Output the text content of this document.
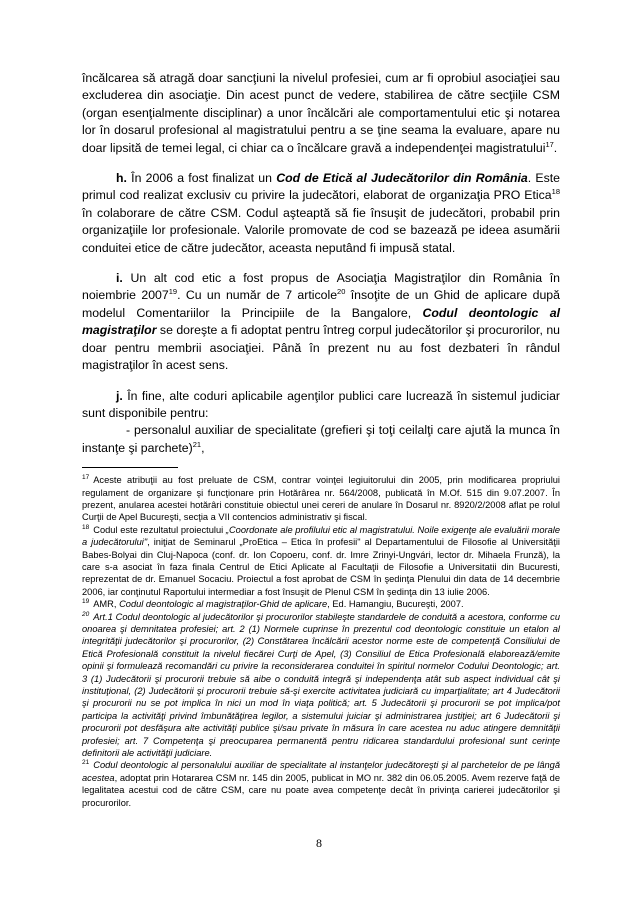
încălcarea să atragă doar sancţiuni la nivelul profesiei, cum ar fi oprobiul asociaţiei sau excluderea din asociaţie. Din acest punct de vedere, stabilirea de către secţiile CSM (organ esenţialmente disciplinar) a unor încălcări ale comportamentului etic şi notarea lor în dosarul profesional al magistratului pentru a se ţine seama la evaluare, apare nu doar lipsită de temei legal, ci chiar ca o încălcare gravă a independenţei magistratului$^{17}$.

h. În 2006 a fost finalizat un Cod de Etică al Judecătorilor din România. Este primul cod realizat exclusiv cu privire la judecători, elaborat de organizaţia PRO Etica$^{18}$ în colaborare de către CSM. Codul aşteaptă să fie însuşit de judecători, probabil prin organizaţiile lor profesionale. Valorile promovate de cod se bazează pe ideea asumării conduitei etice de către judecător, aceasta neputând fi impusă statal.

i. Un alt cod etic a fost propus de Asociaţia Magistraţilor din România în noiembrie 2007$^{19}$. Cu un număr de 7 articole$^{20}$ însoţite de un Ghid de aplicare după modelul Comentariilor la Principiile de la Bangalore, Codul deontologic al magistraţilor se doreşte a fi adoptat pentru întreg corpul judecătorilor şi procurorilor, nu doar pentru membrii asociaţiei. Până în prezent nu au fost dezbateri în rândul magistraţilor în acest sens.

j. În fine, alte coduri aplicabile agenţilor publici care lucrează în sistemul judiciar sunt disponibile pentru:

- personalul auxiliar de specialitate (grefieri şi toţi ceilalţi care ajută la munca în instanţe şi parchete)$^{21}$,

$^{17}$ Aceste atribuţii au fost preluate de CSM, contrar voinţei legiuitorului din 2005, prin modificarea propriului regulament de organizare şi funcţionare prin Hotărârea nr. 564/2008, publicată în M.Of. 515 din 9.07.2007. În prezent, anularea acestei hotărâri constituie obiectul unei cereri de anulare în Dosarul nr. 8920/2/2008 aflat pe rolul Curţii de Apel Bucureşti, secţia a VII contencios administrativ şi fiscal.

$^{18}$ Codul este rezultatul proiectului „Coordonate ale profilului etic al magistratului. Noile exigenţe ale evaluării morale a judecătorului", iniţiat de Seminarul „ProEtica – Etica în profesii" al Departamentului de Filosofie al Universităţii Babes-Bolyai din Cluj-Napoca (conf. dr. Ion Copoeru, conf. dr. Imre Zrinyi-Ungvári, lector dr. Mihaela Frunză), la care s-a asociat în faza finala Centrul de Etici Aplicate al Facultaţii de Filosofie a Universitatii din Bucuresti, reprezentat de dr. Emanuel Socaciu. Proiectul a fost aprobat de CSM în şedinţa Plenului din data de 14 decembrie 2006, iar conţinutul Raportului intermediar a fost însuşit de Plenul CSM în şedinţa din 13 iulie 2006.

$^{19}$ AMR, Codul deontologic al magistraţilor-Ghid de aplicare, Ed. Hamangiu, Bucureşti, 2007.

$^{20}$ Art.1 Codul deontologic al judecătorilor şi procurorilor stabileşte standardele de conduită a acestora, conforme cu onoarea şi demnitatea profesiei; art. 2 (1) Normele cuprinse în prezentul cod deontologic constituie un etalon al integrităţii judecătorilor şi procurorilor, (2) Constătarea încălcării acestor norme este de competenţă Consiliului de Etică Profesională constituit la nivelul fiecărei Curţi de Apel, (3) Consiliul de Etica Profesională elaborează/emite opinii şi formulează recomandări cu privire la reconsiderarea conduitei în spiritul normelor Codului Deontologic; art. 3 (1) Judecătorii şi procurorii trebuie să aibe o conduită integră şi independenţa atât sub aspect individual cât şi instituţional, (2) Judecătorii şi procurorii trebuie să-şi exercite activitatea judiciară cu imparţialitate; art 4 Judecătorii şi procurorii nu se pot implica în nici un mod în viaţa politică; art. 5 Judecătorii şi procurorii se pot implica/pot participa la activităţi privind îmbunătăţirea legilor, a sistemului juiciar şi administrarea justiţiei; art 6 Judecătorii şi procurorii pot desfăşura alte activităţi publice şi/sau private în măsura în care acestea nu aduc atingere demnităţii profesiei; art. 7 Competenţa şi preocuparea permanentă pentru ridicarea standardului profesional sunt cerinţe definitorii ale activităţii judiciare.

$^{21}$ Codul deontologic al personalului auxiliar de specialitate al instanţelor judecătoreşti şi al parchetelor de pe lângă acestea, adoptat prin Hotararea CSM nr. 145 din 2005, publicat in MO nr. 382 din 06.05.2005. Avem rezerve faţă de legalitatea acestui cod de către CSM, care nu poate avea competenţe decât în privinţa carierei judecătorilor şi procurorilor.

8
